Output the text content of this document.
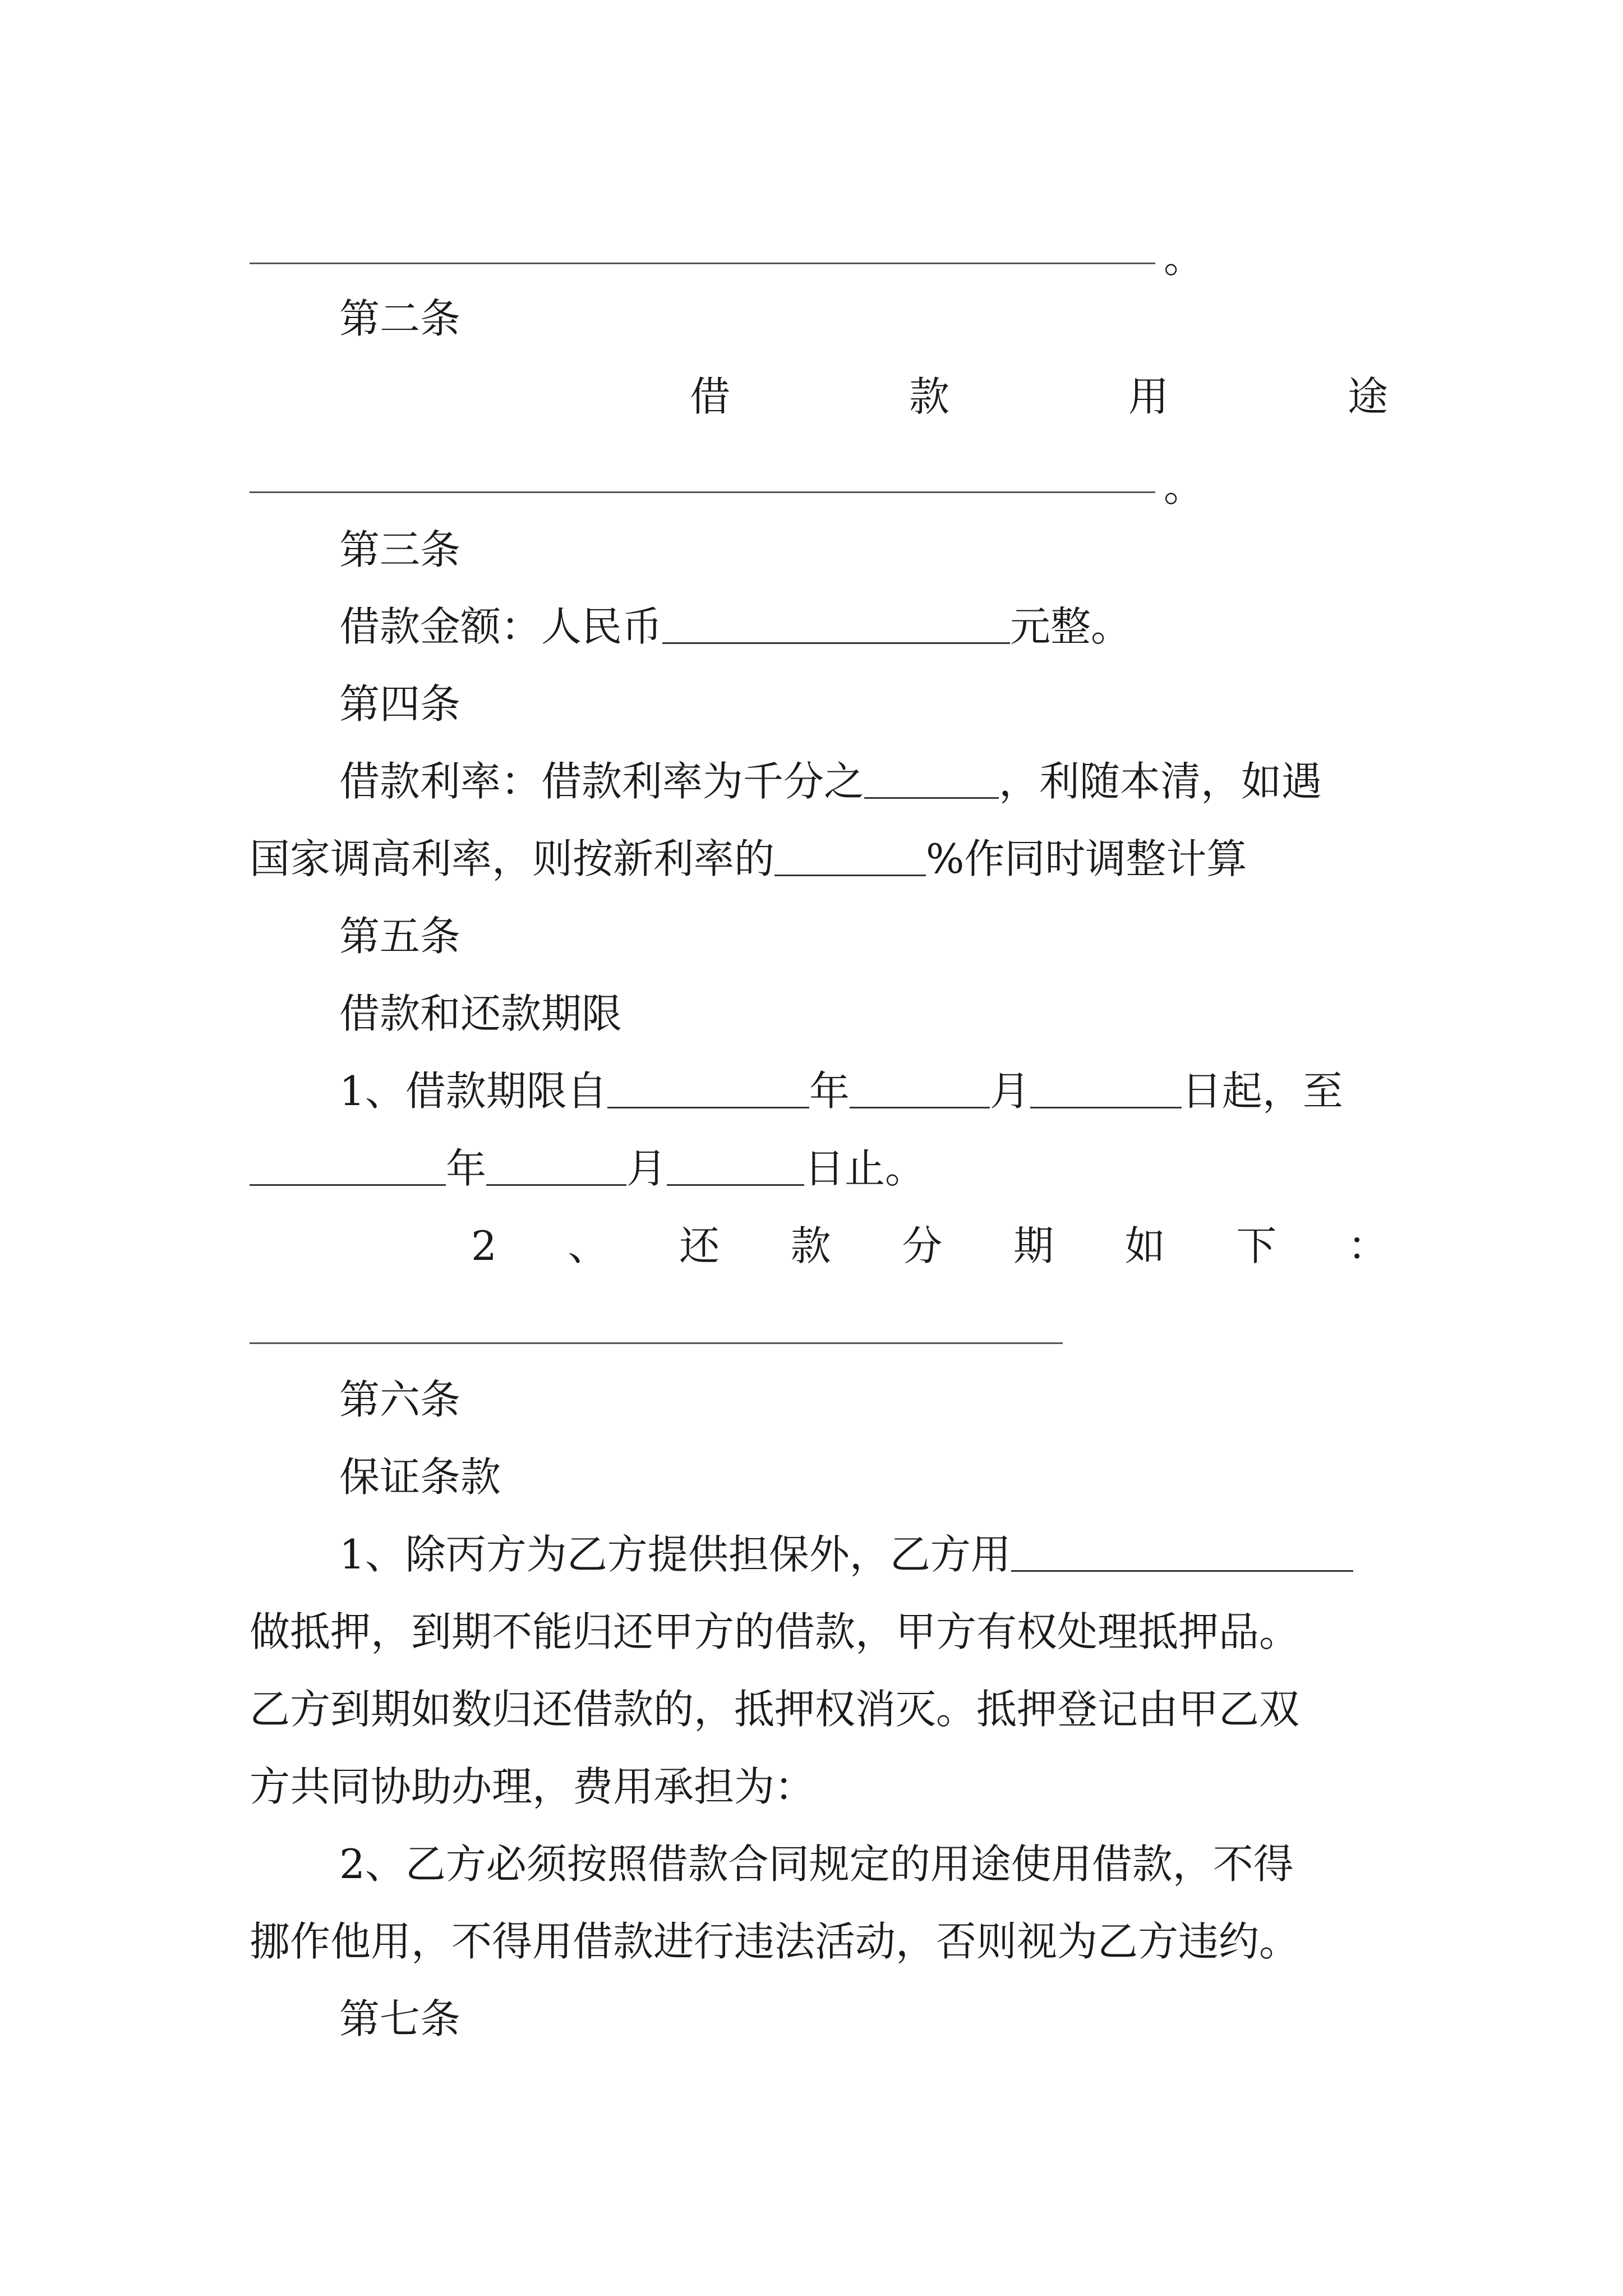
。
第二条
借	款	用	途
。
第三条
借款金额：人民币	元整。
第四条
借款利率：借款利率为千分之	，利随本清，如遇
国家调高利率，则按新利率的	%作同时调整计算
第五条
借款和还款期限
1、借款期限自	年	月	日起，至
年	月	日止。
2 、 还 款 分 期 如 下 ：
第六条
保证条款
1、除丙方为乙方提供担保外，乙方用
做抵押，到期不能归还甲方的借款，甲方有权处理抵押品。
乙方到期如数归还借款的，抵押权消灭。抵押登记由甲乙双
方共同协助办理，费用承担为：
2、乙方必须按照借款合同规定的用途使用借款，不得
挪作他用，不得用借款进行违法活动，否则视为乙方违约。
第七条
